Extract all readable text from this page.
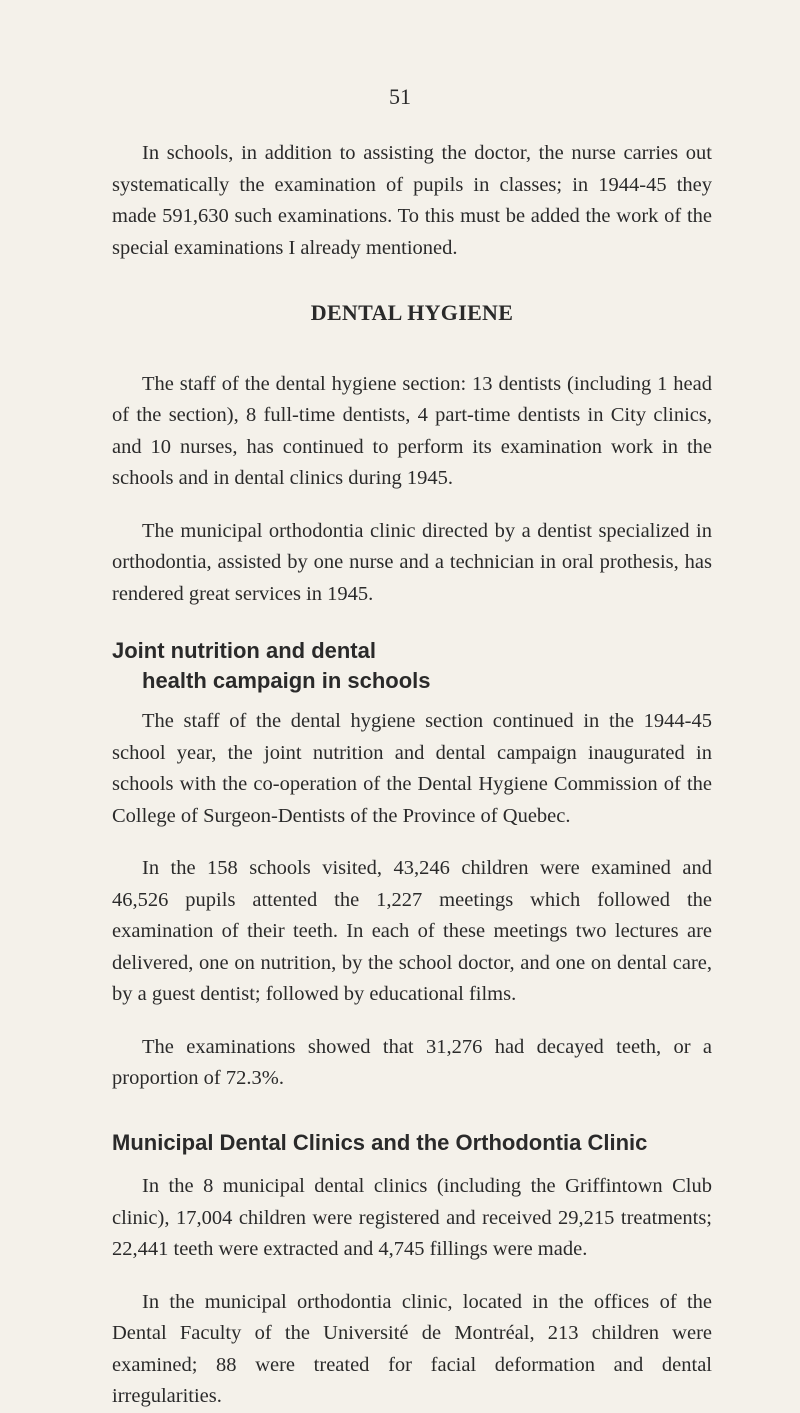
51

In schools, in addition to assisting the doctor, the nurse carries out systematically the examination of pupils in classes; in 1944-45 they made 591,630 such examinations. To this must be added the work of the special examinations I already mentioned.

DENTAL HYGIENE

The staff of the dental hygiene section: 13 dentists (including 1 head of the section), 8 full-time dentists, 4 part-time dentists in City clinics, and 10 nurses, has continued to perform its examination work in the schools and in dental clinics during 1945.

The municipal orthodontia clinic directed by a dentist specialized in orthodontia, assisted by one nurse and a technician in oral prothesis, has rendered great services in 1945.

Joint nutrition and dental
health campaign in schools

The staff of the dental hygiene section continued in the 1944-45 school year, the joint nutrition and dental campaign inaugurated in schools with the co-operation of the Dental Hygiene Commission of the College of Surgeon-Dentists of the Province of Quebec.

In the 158 schools visited, 43,246 children were examined and 46,526 pupils attented the 1,227 meetings which followed the examination of their teeth. In each of these meetings two lectures are delivered, one on nutrition, by the school doctor, and one on dental care, by a guest dentist; followed by educational films.

The examinations showed that 31,276 had decayed teeth, or a proportion of 72.3%.

Municipal Dental Clinics and the Orthodontia Clinic

In the 8 municipal dental clinics (including the Griffintown Club clinic), 17,004 children were registered and received 29,215 treatments; 22,441 teeth were extracted and 4,745 fillings were made.

In the municipal orthodontia clinic, located in the offices of the Dental Faculty of the Université de Montréal, 213 children were examined; 88 were treated for facial deformation and dental irregularities.
